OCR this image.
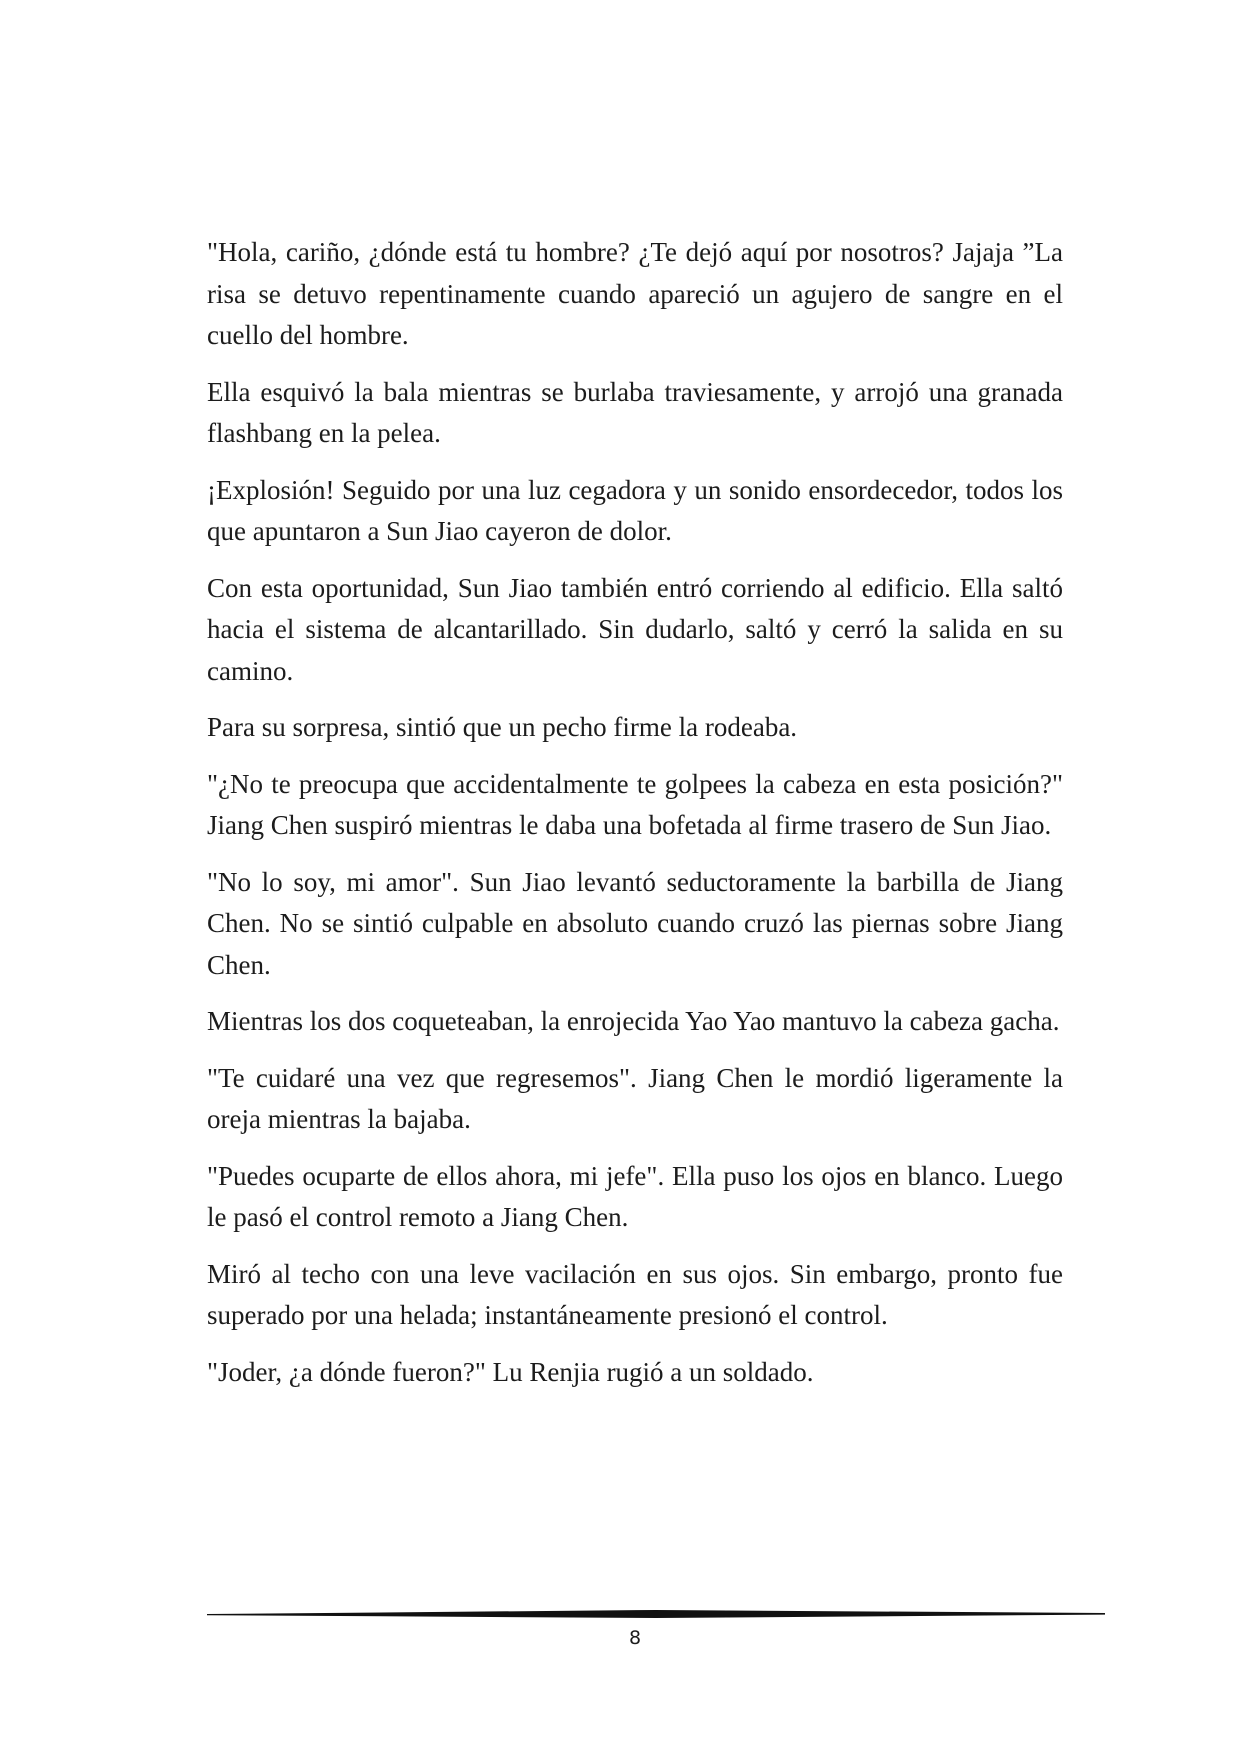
"Hola, cariño, ¿dónde está tu hombre? ¿Te dejó aquí por nosotros? Jajaja ”La risa se detuvo repentinamente cuando apareció un agujero de sangre en el cuello del hombre.

Ella esquivó la bala mientras se burlaba traviesamente, y arrojó una granada flashbang en la pelea.

¡Explosión! Seguido por una luz cegadora y un sonido ensordecedor, todos los que apuntaron a Sun Jiao cayeron de dolor.

Con esta oportunidad, Sun Jiao también entró corriendo al edificio. Ella saltó hacia el sistema de alcantarillado. Sin dudarlo, saltó y cerró la salida en su camino.

Para su sorpresa, sintió que un pecho firme la rodeaba.

"¿No te preocupa que accidentalmente te golpees la cabeza en esta posición?" Jiang Chen suspiró mientras le daba una bofetada al firme trasero de Sun Jiao.

"No lo soy, mi amor". Sun Jiao levantó seductoramente la barbilla de Jiang Chen. No se sintió culpable en absoluto cuando cruzó las piernas sobre Jiang Chen.

Mientras los dos coqueteaban, la enrojecida Yao Yao mantuvo la cabeza gacha.

"Te cuidaré una vez que regresemos". Jiang Chen le mordió ligeramente la oreja mientras la bajaba.

"Puedes ocuparte de ellos ahora, mi jefe". Ella puso los ojos en blanco. Luego le pasó el control remoto a Jiang Chen.

Miró al techo con una leve vacilación en sus ojos. Sin embargo, pronto fue superado por una helada; instantáneamente presionó el control.

"Joder, ¿a dónde fueron?" Lu Renjia rugió a un soldado.

8
